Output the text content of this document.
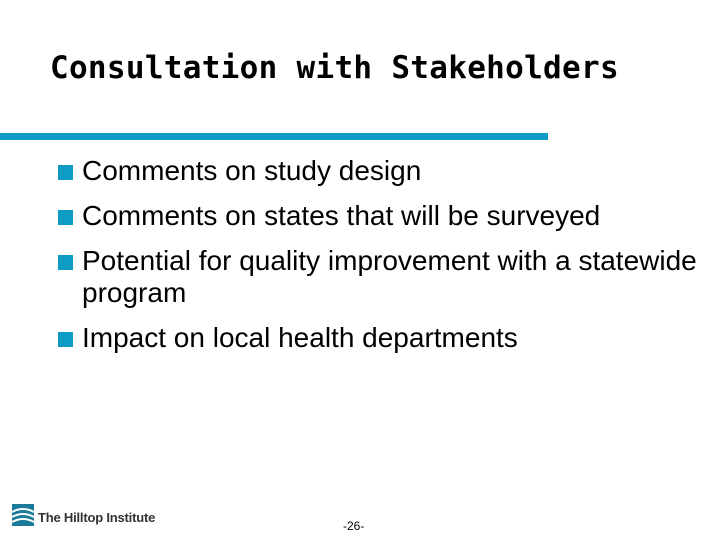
Consultation with Stakeholders
Comments on study design
Comments on states that will be surveyed
Potential for quality improvement with a statewide program
Impact on local health departments
The Hilltop Institute
-26-
